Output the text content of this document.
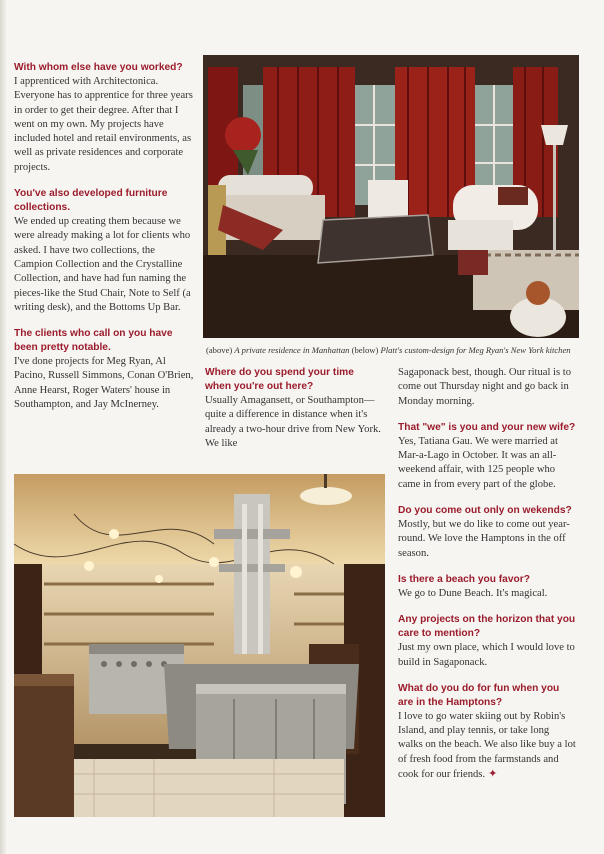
With whom else have you worked?

I apprenticed with Architectonica. Everyone has to apprentice for three years in order to get their degree. After that I went on my own. My projects have included hotel and retail environments, as well as private residences and corporate projects.

You've also developed furniture collections.

We ended up creating them because we were already making a lot for clients who asked. I have two collections, the Campion Collection and the Crystalline Collection, and have had fun naming the pieces-like the Stud Chair, Note to Self (a writing desk), and the Bottoms Up Bar.

The clients who call on you have been pretty notable.

I've done projects for Meg Ryan, Al Pacino, Russell Simmons, Conan O'Brien, Anne Hearst, Roger Waters' house in Southampton, and Jay McInerney.

Where do you spend your time when you're out here?

Usually Amagansett, or Southampton—quite a difference in distance when it's already a two-hour drive from New York. We like

Sagaponack best, though. Our ritual is to come out Thursday night and go back in Monday morning.

That "we" is you and your new wife?

Yes, Tatiana Gau. We were married at Mar-a-Lago in October. It was an all-weekend affair, with 125 people who came in from every part of the globe.

Do you come out only on wekends?

Mostly, but we do like to come out year-round. We love the Hamptons in the off season.

Is there a beach you favor?

We go to Dune Beach. It's magical.

Any projects on the horizon that you care to mention?

Just my own place, which I would love to build in Sagaponack.

What do you do for fun when you are in the Hamptons?

I love to go water skiing out by Robin's Island, and play tennis, or take long walks on the beach. We also like buy a lot of fresh food from the farmstands and cook for our friends. ✦

(above) A private residence in Manhattan (below) Platt's custom-design for Meg Ryan's New York kitchen
